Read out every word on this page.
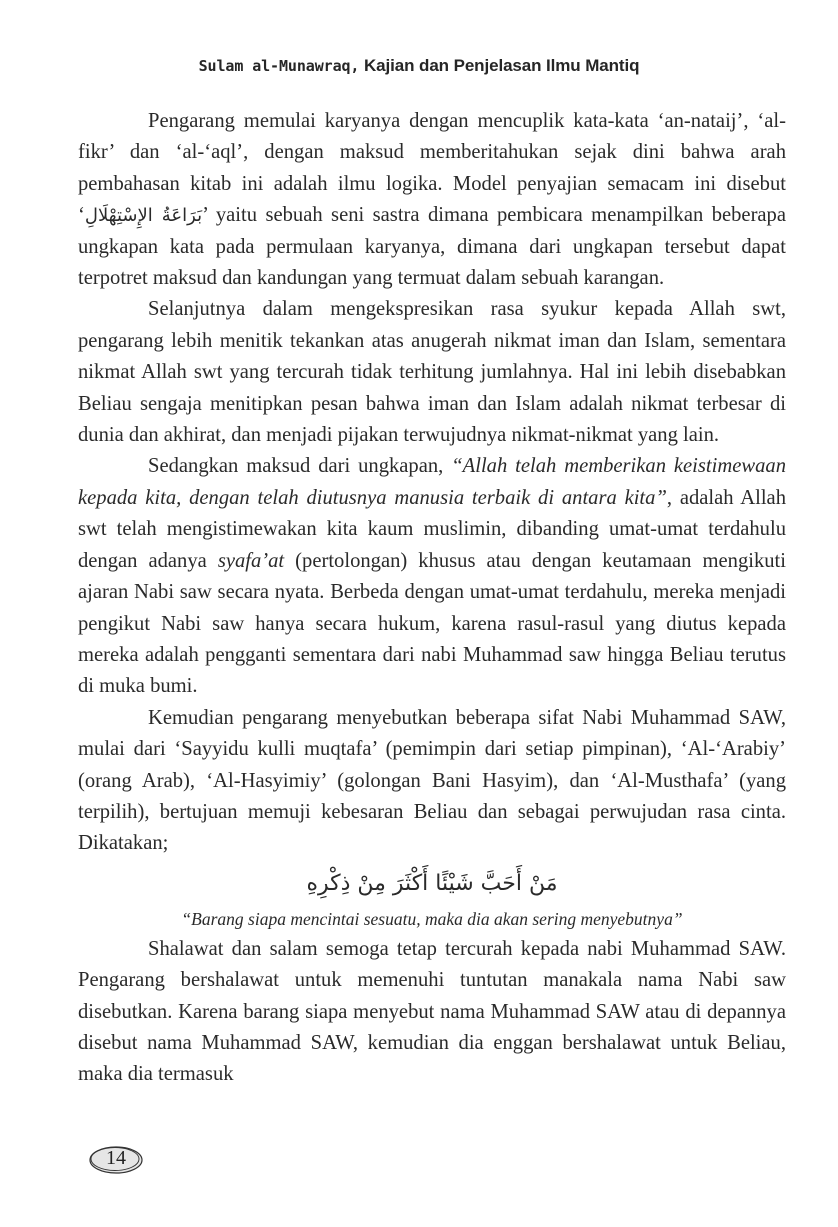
Sulam al-Munawraq, Kajian dan Penjelasan Ilmu Mantiq

Pengarang memulai karyanya dengan mencuplik kata-kata ‘an-nataij’, ‘al-fikr’ dan ‘al-‘aql’, dengan maksud memberitahukan sejak dini bahwa arah pembahasan kitab ini adalah ilmu logika. Model penyajian semacam ini disebut ‘بَرَاعَةُ الإِسْتِهْلَالِ’ yaitu sebuah seni sastra dimana pembicara menampilkan beberapa ungkapan kata pada permulaan karyanya, dimana dari ungkapan tersebut dapat terpotret maksud dan kandungan yang termuat dalam sebuah karangan.

Selanjutnya dalam mengekspresikan rasa syukur kepada Allah swt, pengarang lebih menitik tekankan atas anugerah nikmat iman dan Islam, sementara nikmat Allah swt yang tercurah tidak terhitung jumlahnya. Hal ini lebih disebabkan Beliau sengaja menitipkan pesan bahwa iman dan Islam adalah nikmat terbesar di dunia dan akhirat, dan menjadi pijakan terwujudnya nikmat-nikmat yang lain.

Sedangkan maksud dari ungkapan, “Allah telah memberikan keistimewaan kepada kita, dengan telah diutusnya manusia terbaik di antara kita”, adalah Allah swt telah mengistimewakan kita kaum muslimin, dibanding umat-umat terdahulu dengan adanya syafa’at (pertolongan) khusus atau dengan keutamaan mengikuti ajaran Nabi saw secara nyata. Berbeda dengan umat-umat terdahulu, mereka menjadi pengikut Nabi saw hanya secara hukum, karena rasul-rasul yang diutus kepada mereka adalah pengganti sementara dari nabi Muhammad saw hingga Beliau terutus di muka bumi.

Kemudian pengarang menyebutkan beberapa sifat Nabi Muhammad SAW, mulai dari ‘Sayyidu kulli muqtafa’ (pemimpin dari setiap pimpinan), ‘Al-‘Arabiy’ (orang Arab), ‘Al-Hasyimiy’ (golongan Bani Hasyim), dan ‘Al-Musthafa’ (yang terpilih), bertujuan memuji kebesaran Beliau dan sebagai perwujudan rasa cinta. Dikatakan;

مَنْ أَحَبَّ شَيْئًا أَكْثَرَ مِنْ ذِكْرِهِ
“Barang siapa mencintai sesuatu, maka dia akan sering menyebutnya”

Shalawat dan salam semoga tetap tercurah kepada nabi Muhammad SAW. Pengarang bershalawat untuk memenuhi tuntutan manakala nama Nabi saw disebutkan. Karena barang siapa menyebut nama Muhammad SAW atau di depannya disebut nama Muhammad SAW, kemudian dia enggan bershalawat untuk Beliau, maka dia termasuk

14
